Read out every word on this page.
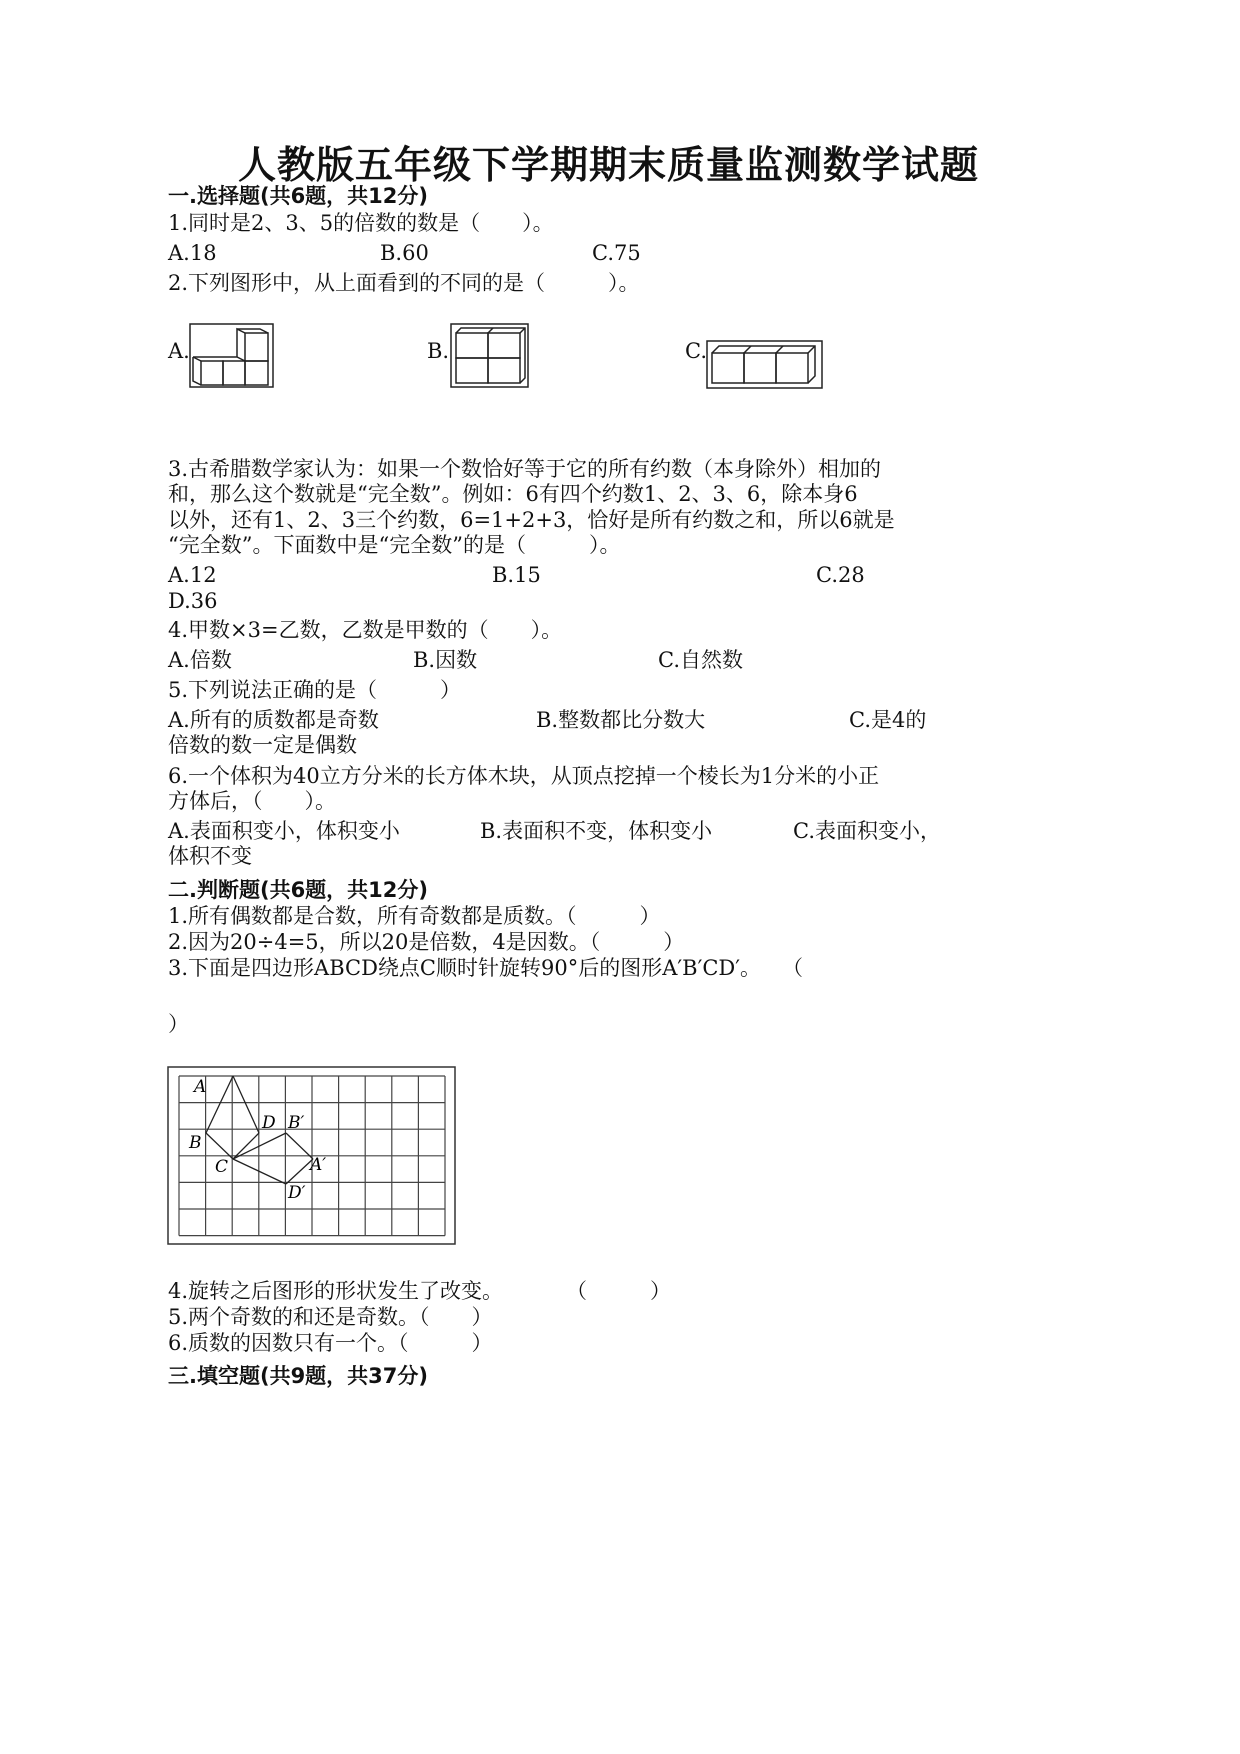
人教版五年级下学期期末质量监测数学试题
一.选择题(共6题，共12分)
1.同时是2、3、5的倍数的数是（　　）。
A.18	B.60	C.75
2.下列图形中，从上面看到的不同的是（　　　）。
A.	B.	C.
3.古希腊数学家认为：如果一个数恰好等于它的所有约数（本身除外）相加的
和，那么这个数就是“完全数”。例如：6有四个约数1、2、3、6，除本身6
以外，还有1、2、3三个约数，6=1+2+3，恰好是所有约数之和，所以6就是
“完全数”。下面数中是“完全数”的是（　　　）。
A.12	B.15	C.28
D.36
4.甲数×3=乙数，乙数是甲数的（　　）。
A.倍数	B.因数	C.自然数
5.下列说法正确的是（　　　）
A.所有的质数都是奇数	B.整数都比分数大	C.是4的
倍数的数一定是偶数
6.一个体积为40立方分米的长方体木块，从顶点挖掉一个棱长为1分米的小正
方体后，（　　）。
A.表面积变小，体积变小	B.表面积不变，体积变小	C.表面积变小，
体积不变
二.判断题(共6题，共12分)
1.所有偶数都是合数，所有奇数都是质数。（　　　）
2.因为20÷4=5，所以20是倍数，4是因数。（　　　）
3.下面是四边形ABCD绕点C顺时针旋转90°后的图形A′B′CD′。　　（
）
A
B
C
D B′
A′
D′
4.旋转之后图形的形状发生了改变。　　　　（　　　）
5.两个奇数的和还是奇数。（　　）
6.质数的因数只有一个。（　　　）
三.填空题(共9题，共37分)
